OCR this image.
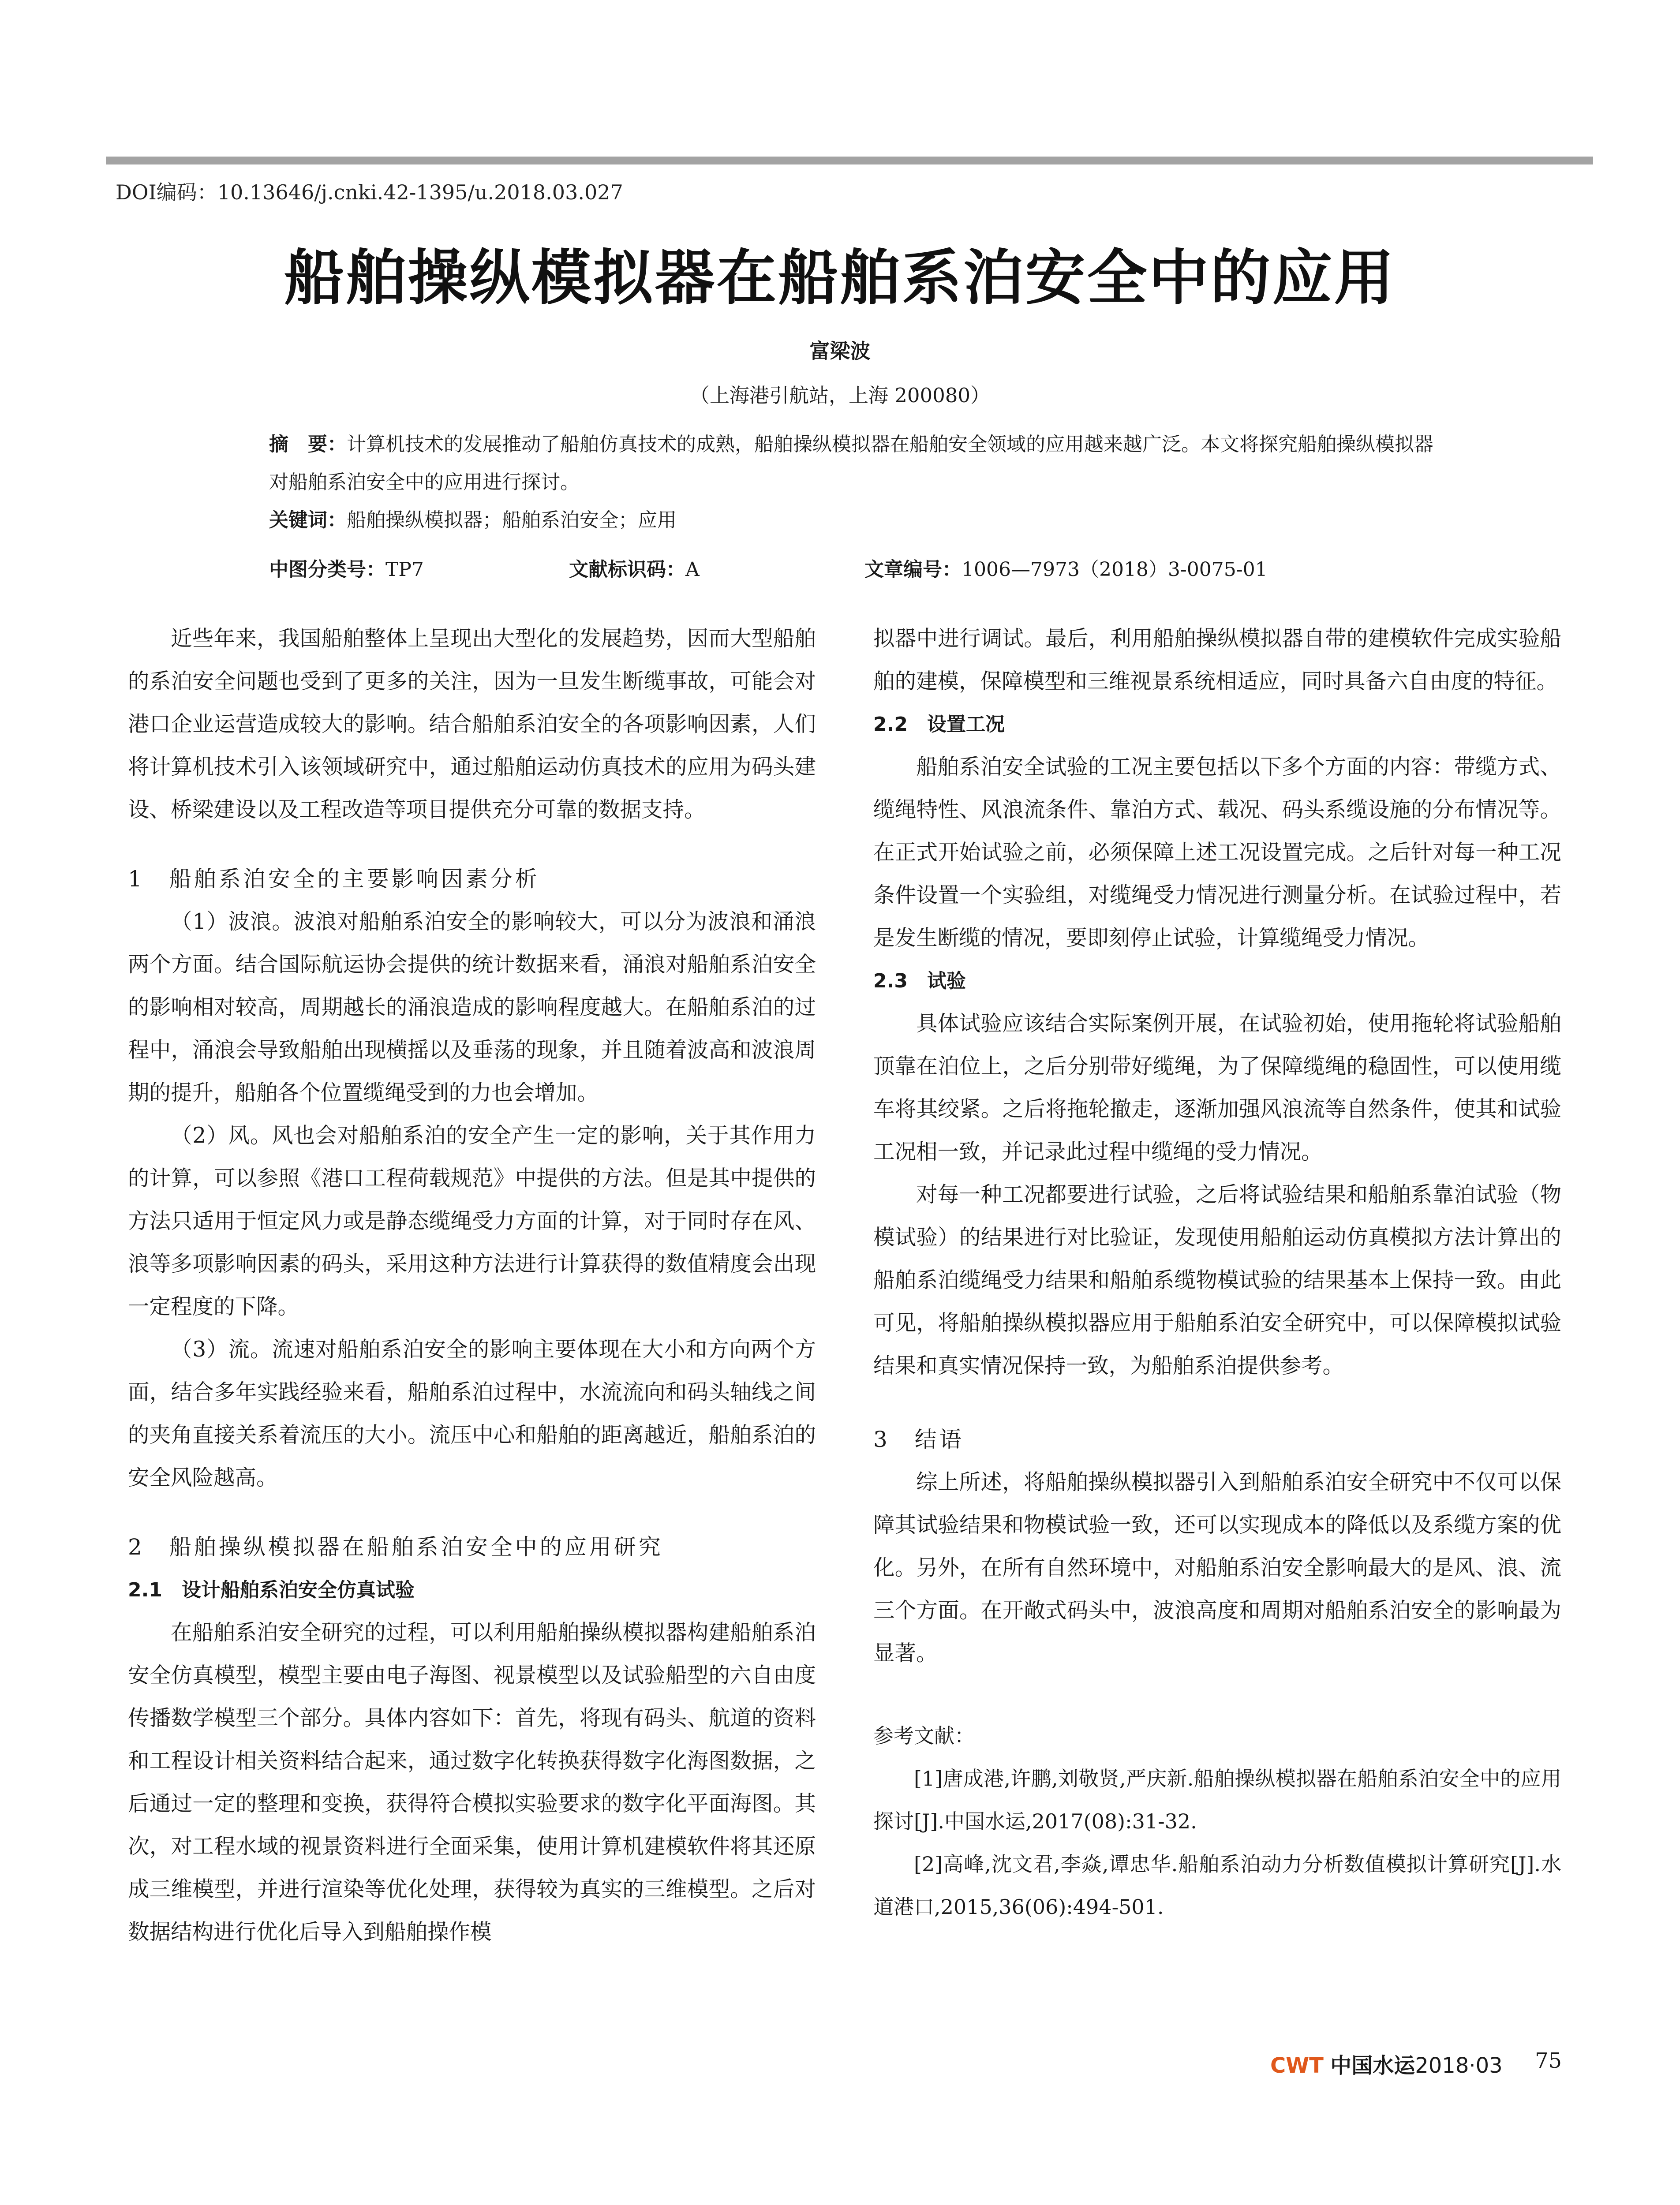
DOI编码：10.13646/j.cnki.42-1395/u.2018.03.027
船舶操纵模拟器在船舶系泊安全中的应用
富梁波
（上海港引航站，上海 200080）
摘　要：计算机技术的发展推动了船舶仿真技术的成熟，船舶操纵模拟器在船舶安全领域的应用越来越广泛。本文将探究船舶操纵模拟器对船舶系泊安全中的应用进行探讨。
关键词：船舶操纵模拟器；船舶系泊安全；应用
中图分类号：TP7	文献标识码：A	文章编号：1006—7973（2018）3-0075-01

近些年来，我国船舶整体上呈现出大型化的发展趋势，因而大型船舶的系泊安全问题也受到了更多的关注，因为一旦发生断缆事故，可能会对港口企业运营造成较大的影响。结合船舶系泊安全的各项影响因素，人们将计算机技术引入该领域研究中，通过船舶运动仿真技术的应用为码头建设、桥梁建设以及工程改造等项目提供充分可靠的数据支持。

1　船舶系泊安全的主要影响因素分析

（1）波浪。波浪对船舶系泊安全的影响较大，可以分为波浪和涌浪两个方面。结合国际航运协会提供的统计数据来看，涌浪对船舶系泊安全的影响相对较高，周期越长的涌浪造成的影响程度越大。在船舶系泊的过程中，涌浪会导致船舶出现横摇以及垂荡的现象，并且随着波高和波浪周期的提升，船舶各个位置缆绳受到的力也会增加。

（2）风。风也会对船舶系泊的安全产生一定的影响，关于其作用力的计算，可以参照《港口工程荷载规范》中提供的方法。但是其中提供的方法只适用于恒定风力或是静态缆绳受力方面的计算，对于同时存在风、浪等多项影响因素的码头，采用这种方法进行计算获得的数值精度会出现一定程度的下降。

（3）流。流速对船舶系泊安全的影响主要体现在大小和方向两个方面，结合多年实践经验来看，船舶系泊过程中，水流流向和码头轴线之间的夹角直接关系着流压的大小。流压中心和船舶的距离越近，船舶系泊的安全风险越高。

2　船舶操纵模拟器在船舶系泊安全中的应用研究

2.1　设计船舶系泊安全仿真试验

在船舶系泊安全研究的过程，可以利用船舶操纵模拟器构建船舶系泊安全仿真模型，模型主要由电子海图、视景模型以及试验船型的六自由度传播数学模型三个部分。具体内容如下：首先，将现有码头、航道的资料和工程设计相关资料结合起来，通过数字化转换获得数字化海图数据，之后通过一定的整理和变换，获得符合模拟实验要求的数字化平面海图。其次，对工程水域的视景资料进行全面采集，使用计算机建模软件将其还原成三维模型，并进行渲染等优化处理，获得较为真实的三维模型。之后对数据结构进行优化后导入到船舶操作模

拟器中进行调试。最后，利用船舶操纵模拟器自带的建模软件完成实验船舶的建模，保障模型和三维视景系统相适应，同时具备六自由度的特征。

2.2　设置工况

船舶系泊安全试验的工况主要包括以下多个方面的内容：带缆方式、缆绳特性、风浪流条件、靠泊方式、载况、码头系缆设施的分布情况等。在正式开始试验之前，必须保障上述工况设置完成。之后针对每一种工况条件设置一个实验组，对缆绳受力情况进行测量分析。在试验过程中，若是发生断缆的情况，要即刻停止试验，计算缆绳受力情况。

2.3　试验

具体试验应该结合实际案例开展，在试验初始，使用拖轮将试验船舶顶靠在泊位上，之后分别带好缆绳，为了保障缆绳的稳固性，可以使用缆车将其绞紧。之后将拖轮撤走，逐渐加强风浪流等自然条件，使其和试验工况相一致，并记录此过程中缆绳的受力情况。

对每一种工况都要进行试验，之后将试验结果和船舶系靠泊试验（物模试验）的结果进行对比验证，发现使用船舶运动仿真模拟方法计算出的船舶系泊缆绳受力结果和船舶系缆物模试验的结果基本上保持一致。由此可见，将船舶操纵模拟器应用于船舶系泊安全研究中，可以保障模拟试验结果和真实情况保持一致，为船舶系泊提供参考。

3　结语

综上所述，将船舶操纵模拟器引入到船舶系泊安全研究中不仅可以保障其试验结果和物模试验一致，还可以实现成本的降低以及系缆方案的优化。另外，在所有自然环境中，对船舶系泊安全影响最大的是风、浪、流三个方面。在开敞式码头中，波浪高度和周期对船舶系泊安全的影响最为显著。

参考文献：

[1]唐成港,许鹏,刘敬贤,严庆新.船舶操纵模拟器在船舶系泊安全中的应用探讨[J].中国水运,2017(08):31-32.

[2]高峰,沈文君,李焱,谭忠华.船舶系泊动力分析数值模拟计算研究[J].水道港口,2015,36(06):494-501.

CWT 中国水运2018·03 75
